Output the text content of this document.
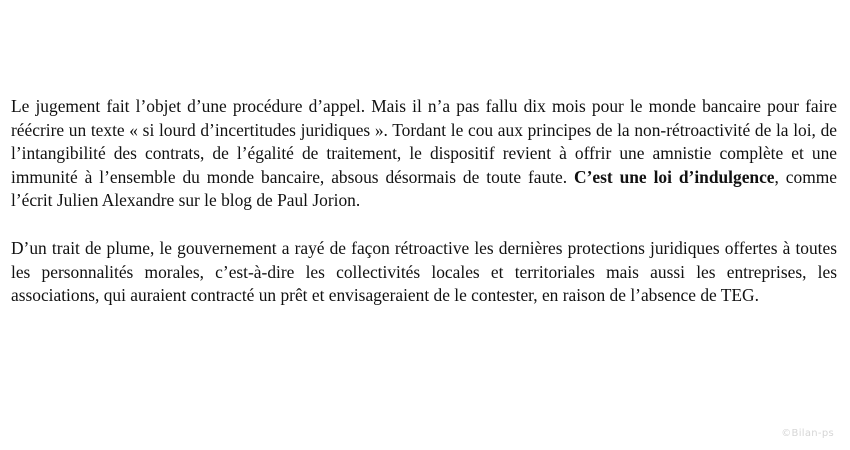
Le jugement fait l’objet d’une procédure d’appel. Mais il n’a pas fallu dix mois pour le monde bancaire pour faire réécrire un texte « si lourd d’incertitudes juridiques ». Tordant le cou aux principes de la non-rétroactivité de la loi, de l’intangibilité des contrats, de l’égalité de traitement, le dispositif revient à offrir une amnistie complète et une immunité à l’ensemble du monde bancaire, absous désormais de toute faute. C’est une loi d’indulgence, comme l’écrit Julien Alexandre sur le blog de Paul Jorion.

D’un trait de plume, le gouvernement a rayé de façon rétroactive les dernières protections juridiques offertes à toutes les personnalités morales, c’est-à-dire les collectivités locales et territoriales mais aussi les entreprises, les associations, qui auraient contracté un prêt et envisageraient de le contester, en raison de l’absence de TEG.

©Bilan-ps
